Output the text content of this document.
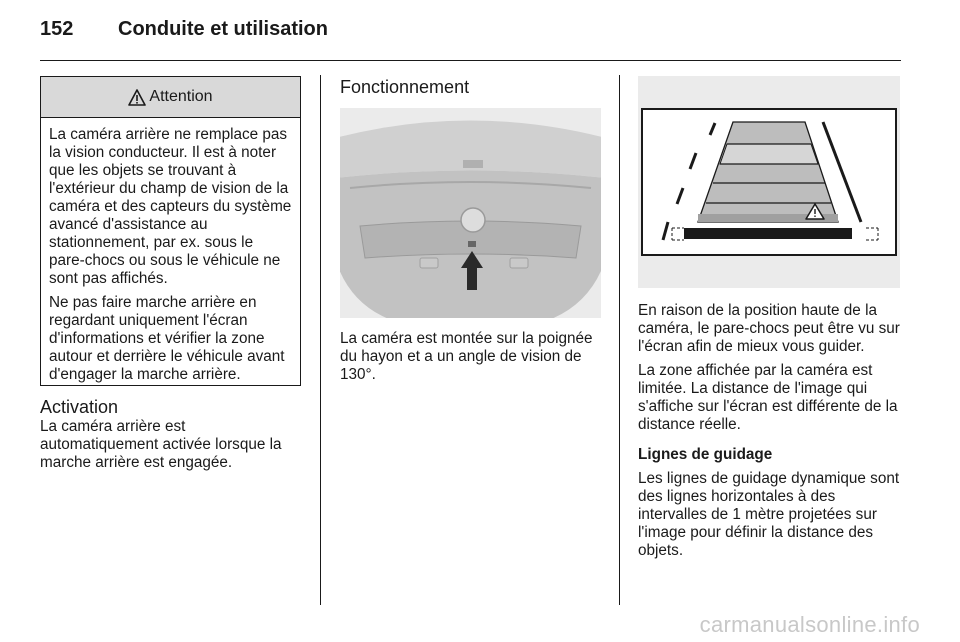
152 Conduite et utilisation
Attention

La caméra arrière ne remplace pas la vision conducteur. Il est à noter que les objets se trouvant à l'extérieur du champ de vision de la caméra et des capteurs du système avancé d'assistance au stationnement, par ex. sous le pare-chocs ou sous le véhicule ne sont pas affichés.

Ne pas faire marche arrière en regardant uniquement l'écran d'informations et vérifier la zone autour et derrière le véhicule avant d'engager la marche arrière.

Activation

La caméra arrière est automatiquement activée lorsque la marche arrière est engagée.

Fonctionnement

La caméra est montée sur la poignée du hayon et a un angle de vision de 130°.

En raison de la position haute de la caméra, le pare-chocs peut être vu sur l'écran afin de mieux vous guider.

La zone affichée par la caméra est limitée. La distance de l'image qui s'affiche sur l'écran est différente de la distance réelle.

Lignes de guidage

Les lignes de guidage dynamique sont des lignes horizontales à des intervalles de 1 mètre projetées sur l'image pour définir la distance des objets.

carmanualsonline.info
